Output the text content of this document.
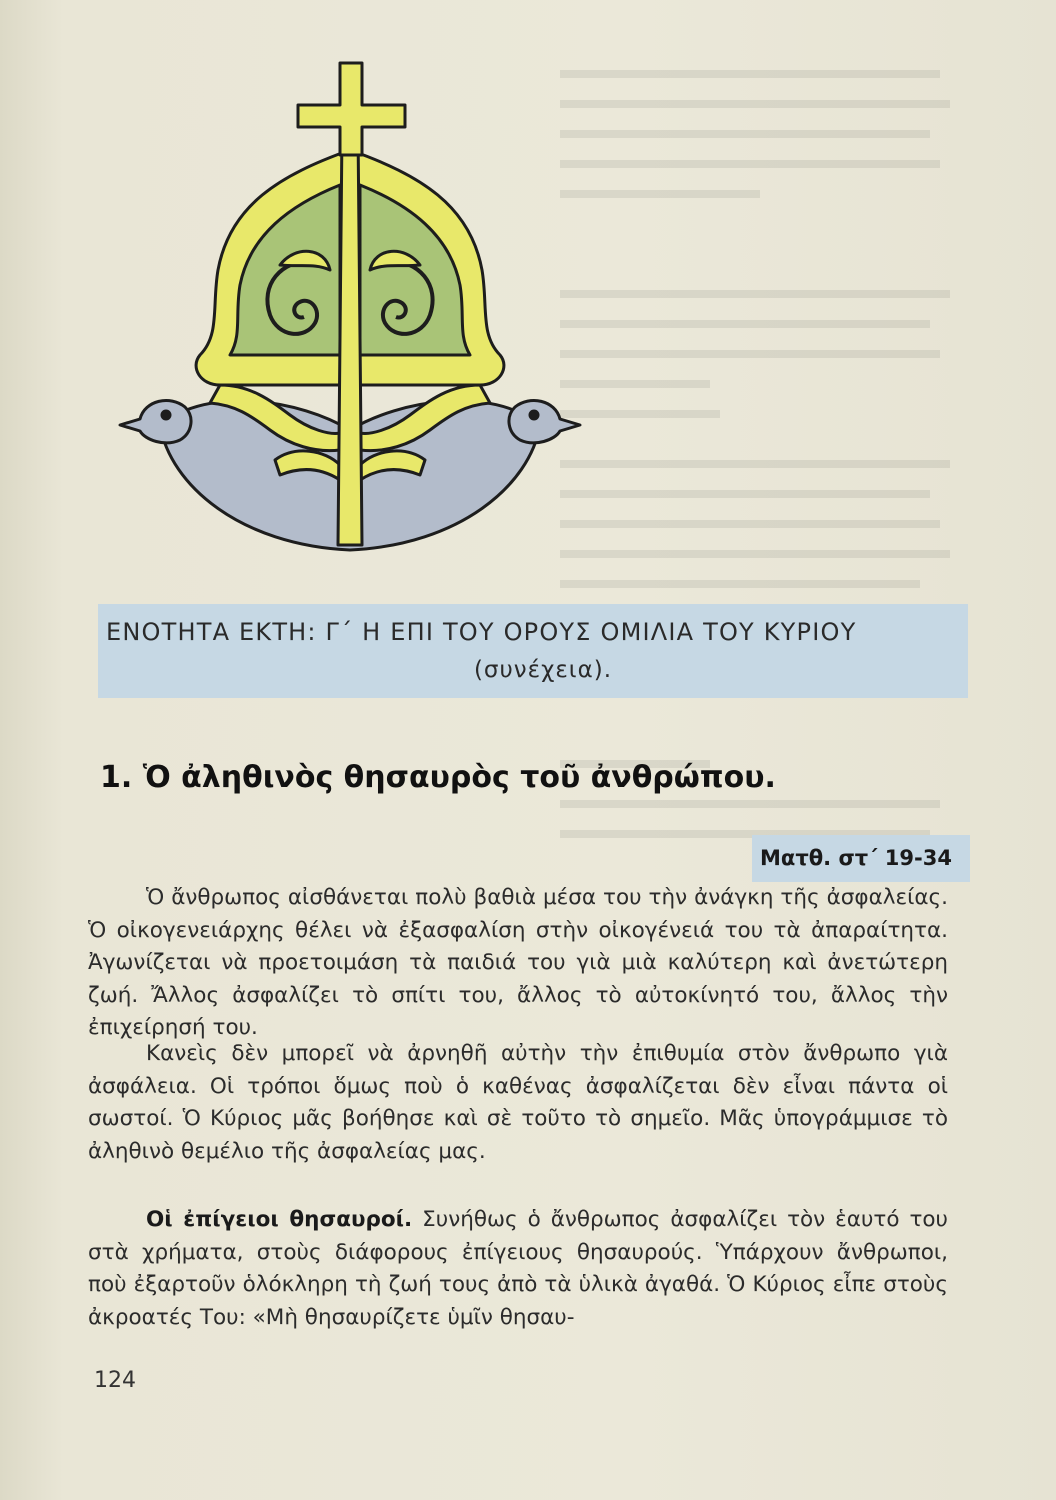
ΕΝΟΤΗΤΑ ΕΚΤΗ: Γ΄ Η ΕΠΙ ΤΟΥ ΟΡΟΥΣ ΟΜΙΛΙΑ ΤΟΥ ΚΥΡΙΟΥ
(συνέχεια).
1. Ὁ ἀληθινὸς θησαυρὸς τοῦ ἀνθρώπου.
Ματθ. στ΄ 19-34
Ὁ ἄνθρωπος αἰσθάνεται πολὺ βαθιὰ μέσα του τὴν ἀνάγκη τῆς ἀσφαλείας. Ὁ οἰκογενειάρχης θέλει νὰ ἐξασφαλίση στὴν οἰκογένειά του τὰ ἀπαραίτητα. Ἀγωνίζεται νὰ προετοιμάση τὰ παιδιά του γιὰ μιὰ καλύτερη καὶ ἀνετώτερη ζωή. Ἄλλος ἀσφαλίζει τὸ σπίτι του, ἄλλος τὸ αὐτοκίνητό του, ἄλλος τὴν ἐπιχείρησή του.
Κανεὶς δὲν μπορεῖ νὰ ἀρνηθῆ αὐτὴν τὴν ἐπιθυμία στὸν ἄνθρωπο γιὰ ἀσφάλεια. Οἱ τρόποι ὅμως ποὺ ὁ καθένας ἀσφαλίζεται δὲν εἶναι πάντα οἱ σωστοί. Ὁ Κύριος μᾶς βοήθησε καὶ σὲ τοῦτο τὸ σημεῖο. Μᾶς ὑπογράμμισε τὸ ἀληθινὸ θεμέλιο τῆς ἀσφαλείας μας.
Οἱ ἐπίγειοι θησαυροί. Συνήθως ὁ ἄνθρωπος ἀσφαλίζει τὸν ἑαυτό του στὰ χρήματα, στοὺς διάφορους ἐπίγειους θησαυρούς. Ὑπάρχουν ἄνθρωποι, ποὺ ἐξαρτοῦν ὁλόκληρη τὴ ζωή τους ἀπὸ τὰ ὑλικὰ ἀγαθά. Ὁ Κύριος εἶπε στοὺς ἀκροατές Του: «Μὴ θησαυρίζετε ὑμῖν θησαυ-
124
